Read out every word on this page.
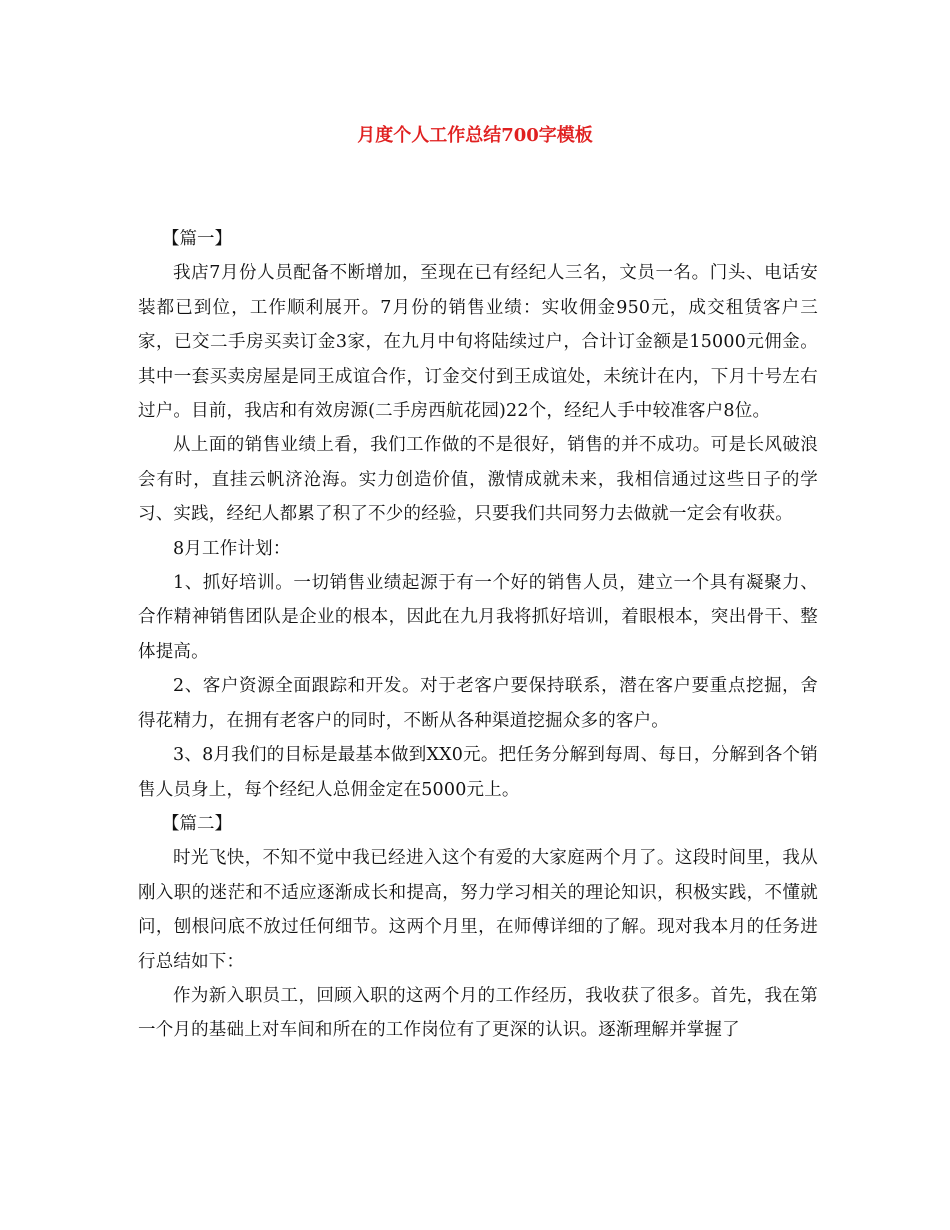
月度个人工作总结700字模板

【篇一】

我店7月份人员配备不断增加，至现在已有经纪人三名，文员一名。门头、电话安装都已到位，工作顺利展开。7月份的销售业绩：实收佣金950元，成交租赁客户三家，已交二手房买卖订金3家，在九月中旬将陆续过户，合计订金额是15000元佣金。其中一套买卖房屋是同王成谊合作，订金交付到王成谊处，未统计在内，下月十号左右过户。目前，我店和有效房源(二手房西航花园)22个，经纪人手中较准客户8位。

从上面的销售业绩上看，我们工作做的不是很好，销售的并不成功。可是长风破浪会有时，直挂云帆济沧海。实力创造价值，激情成就未来，我相信通过这些日子的学习、实践，经纪人都累了积了不少的经验，只要我们共同努力去做就一定会有收获。

8月工作计划：

1、抓好培训。一切销售业绩起源于有一个好的销售人员，建立一个具有凝聚力、合作精神销售团队是企业的根本，因此在九月我将抓好培训，着眼根本，突出骨干、整体提高。

2、客户资源全面跟踪和开发。对于老客户要保持联系，潜在客户要重点挖掘，舍得花精力，在拥有老客户的同时，不断从各种渠道挖掘众多的客户。

3、8月我们的目标是最基本做到XX0元。把任务分解到每周、每日，分解到各个销售人员身上，每个经纪人总佣金定在5000元上。

【篇二】

时光飞快，不知不觉中我已经进入这个有爱的大家庭两个月了。这段时间里，我从刚入职的迷茫和不适应逐渐成长和提高，努力学习相关的理论知识，积极实践，不懂就问，刨根问底不放过任何细节。这两个月里，在师傅详细的了解。现对我本月的任务进行总结如下：

作为新入职员工，回顾入职的这两个月的工作经历，我收获了很多。首先，我在第一个月的基础上对车间和所在的工作岗位有了更深的认识。逐渐理解并掌握了
